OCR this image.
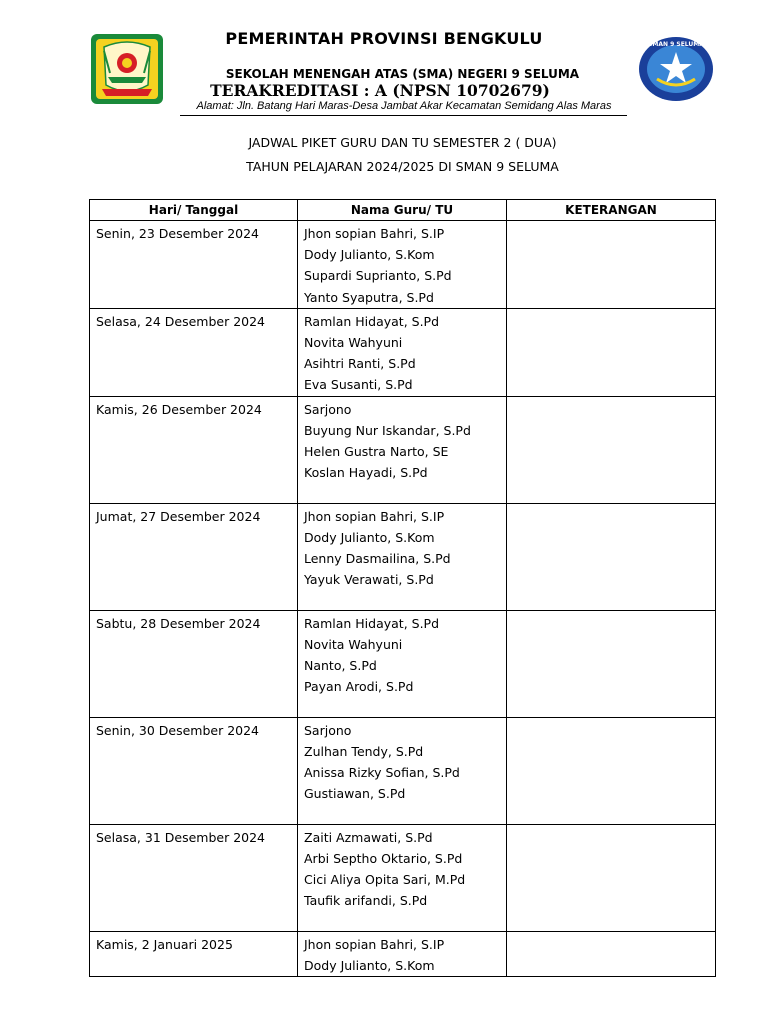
PEMERINTAH PROVINSI BENGKULU
SEKOLAH MENENGAH ATAS (SMA) NEGERI 9 SELUMA
TERAKREDITASI : A (NPSN 10702679)
Alamat: Jln. Batang Hari Maras-Desa Jambat Akar Kecamatan Semidang Alas Maras
SMAN 9 SELUMA
JADWAL PIKET GURU DAN TU SEMESTER 2 ( DUA)
TAHUN PELAJARAN 2024/2025 DI SMAN 9 SELUMA
Hari/ Tanggal	Nama Guru/ TU	KETERANGAN
Senin, 23 Desember 2024	Jhon sopian Bahri, S.IP
Dody Julianto, S.Kom
Supardi Suprianto, S.Pd
Yanto Syaputra, S.Pd	

Selasa, 24 Desember 2024	Ramlan Hidayat, S.Pd
Novita Wahyuni
Asihtri Ranti, S.Pd
Eva Susanti, S.Pd	

Kamis, 26 Desember 2024	Sarjono
Buyung Nur Iskandar, S.Pd
Helen Gustra Narto, SE
Koslan Hayadi, S.Pd	

Jumat, 27 Desember 2024	Jhon sopian Bahri, S.IP
Dody Julianto, S.Kom
Lenny Dasmailina, S.Pd
Yayuk Verawati, S.Pd	

Sabtu, 28 Desember 2024	Ramlan Hidayat, S.Pd
Novita Wahyuni
Nanto, S.Pd
Payan Arodi, S.Pd	

Senin, 30 Desember 2024	Sarjono
Zulhan Tendy, S.Pd
Anissa Rizky Sofian, S.Pd
Gustiawan, S.Pd	

Selasa, 31 Desember 2024	Zaiti Azmawati, S.Pd
Arbi Septho Oktario, S.Pd
Cici Aliya Opita Sari, M.Pd
Taufik arifandi, S.Pd	

Kamis, 2 Januari 2025	Jhon sopian Bahri, S.IP
Dody Julianto, S.Kom	
